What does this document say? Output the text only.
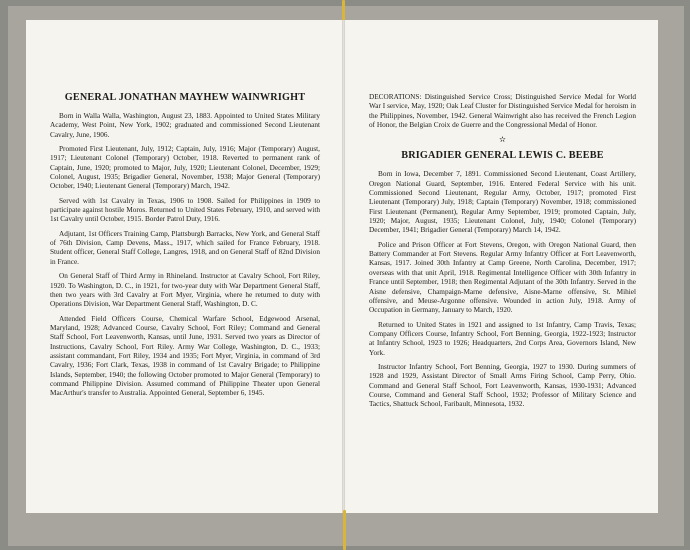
GENERAL JONATHAN MAYHEW WAINWRIGHT

Born in Walla Walla, Washington, August 23, 1883. Appointed to United States Military Academy, West Point, New York, 1902; graduated and commissioned Second Lieutenant Cavalry, June, 1906.

Promoted First Lieutenant, July, 1912; Captain, July, 1916; Major (Temporary) August, 1917; Lieutenant Colonel (Temporary) October, 1918. Reverted to permanent rank of Captain, June, 1920; promoted to Major, July, 1920; Lieutenant Colonel, December, 1929; Colonel, August, 1935; Brigadier General, November, 1938; Major General (Temporary) October, 1940; Lieutenant General (Temporary) March, 1942.

Served with 1st Cavalry in Texas, 1906 to 1908. Sailed for Philippines in 1909 to participate against hostile Moros. Returned to United States February, 1910, and served with 1st Cavalry until October, 1915. Border Patrol Duty, 1916.

Adjutant, 1st Officers Training Camp, Plattsburgh Barracks, New York, and General Staff of 76th Division, Camp Devens, Mass., 1917, which sailed for France February, 1918. Student officer, General Staff College, Langres, 1918, and on General Staff of 82nd Division in France.

On General Staff of Third Army in Rhineland. Instructor at Cavalry School, Fort Riley, 1920. To Washington, D. C., in 1921, for two-year duty with War Department General Staff, then two years with 3rd Cavalry at Fort Myer, Virginia, where he returned to duty with Operations Division, War Department General Staff, Washington, D. C.

Attended Field Officers Course, Chemical Warfare School, Edgewood Arsenal, Maryland, 1928; Advanced Course, Cavalry School, Fort Riley; Command and General Staff School, Fort Leavenworth, Kansas, until June, 1931. Served two years as Director of Instructions, Cavalry School, Fort Riley. Army War College, Washington, D. C., 1933; assistant commandant, Fort Riley, 1934 and 1935; Fort Myer, Virginia, in command of 3rd Cavalry, 1936; Fort Clark, Texas, 1938 in command of 1st Cavalry Brigade; to Philippine Islands, September, 1940; the following October promoted to Major General (Temporary) to command Philippine Division. Assumed command of Philippine Theater upon General MacArthur's transfer to Australia. Appointed General, September 6, 1945.

DECORATIONS: Distinguished Service Cross; Distinguished Service Medal for World War I service, May, 1920; Oak Leaf Cluster for Distinguished Service Medal for heroism in the Philippines, November, 1942. General Wainwright also has received the French Legion of Honor, the Belgian Croix de Guerre and the Congressional Medal of Honor.

✫
BRIGADIER GENERAL LEWIS C. BEEBE

Born in Iowa, December 7, 1891. Commissioned Second Lieutenant, Coast Artillery, Oregon National Guard, September, 1916. Entered Federal Service with his unit. Commissioned Second Lieutenant, Regular Army, October, 1917; promoted First Lieutenant (Temporary) July, 1918; Captain (Temporary) November, 1918; commissioned First Lieutenant (Permanent), Regular Army September, 1919; promoted Captain, July, 1920; Major, August, 1935; Lieutenant Colonel, July, 1940; Colonel (Temporary) December, 1941; Brigadier General (Temporary) March 14, 1942.

Police and Prison Officer at Fort Stevens, Oregon, with Oregon National Guard, then Battery Commander at Fort Stevens. Regular Army Infantry Officer at Fort Leavenworth, Kansas, 1917. Joined 30th Infantry at Camp Greene, North Carolina, December, 1917; overseas with that unit April, 1918. Regimental Intelligence Officer with 30th Infantry in France until September, 1918; then Regimental Adjutant of the 30th Infantry. Served in the Aisne defensive, Champaign-Marne defensive, Aisne-Marne offensive, St. Mihiel offensive, and Meuse-Argonne offensive. Wounded in action July, 1918. Army of Occupation in Germany, January to March, 1920.

Returned to United States in 1921 and assigned to 1st Infantry, Camp Travis, Texas; Company Officers Course, Infantry School, Fort Benning, Georgia, 1922-1923; Instructor at Infantry School, 1923 to 1926; Headquarters, 2nd Corps Area, Governors Island, New York.

Instructor Infantry School, Fort Benning, Georgia, 1927 to 1930. During summers of 1928 and 1929, Assistant Director of Small Arms Firing School, Camp Perry, Ohio. Command and General Staff School, Fort Leavenworth, Kansas, 1930-1931; Advanced Course, Command and General Staff School, 1932; Professor of Military Science and Tactics, Shattuck School, Faribault, Minnesota, 1932.
